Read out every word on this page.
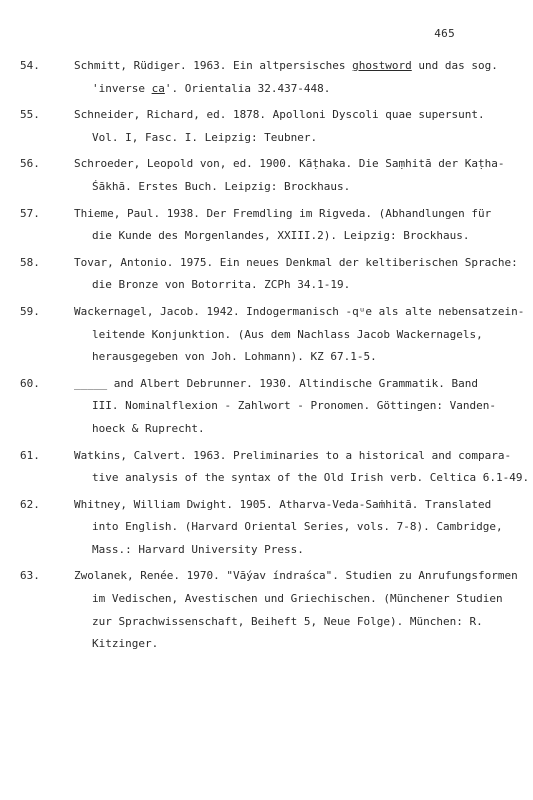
465
54.	Schmitt, Rüdiger. 1963. Ein altpersisches ghostword und das sog.
'inverse ca'. Orientalia 32.437-448.
55.	Schneider, Richard, ed. 1878. Apolloni Dyscoli quae supersunt.
Vol. I, Fasc. I. Leipzig: Teubner.
56.	Schroeder, Leopold von, ed. 1900. Kāṭhaka. Die Saṃhitā der Kaṭha-
Śākhā. Erstes Buch. Leipzig: Brockhaus.
57.	Thieme, Paul. 1938. Der Fremdling im Rigveda. (Abhandlungen für
die Kunde des Morgenlandes, XXIII.2). Leipzig: Brockhaus.
58.	Tovar, Antonio. 1975. Ein neues Denkmal der keltiberischen Sprache:
die Bronze von Botorrita. ZCPh 34.1-19.
59.	Wackernagel, Jacob. 1942. Indogermanisch -qᵘe als alte nebensatzein-
leitende Konjunktion. (Aus dem Nachlass Jacob Wackernagels,
herausgegeben von Joh. Lohmann). KZ 67.1-5.
60.	_____ and Albert Debrunner. 1930. Altindische Grammatik. Band
III. Nominalflexion - Zahlwort - Pronomen. Göttingen: Vanden-
hoeck & Ruprecht.
61.	Watkins, Calvert. 1963. Preliminaries to a historical and compara-
tive analysis of the syntax of the Old Irish verb. Celtica 6.1-49.
62.	Whitney, William Dwight. 1905. Atharva-Veda-Saṁhitā. Translated
into English. (Harvard Oriental Series, vols. 7-8). Cambridge,
Mass.: Harvard University Press.
63.	Zwolanek, Renée. 1970. "Vā́yav índraśca". Studien zu Anrufungsformen
im Vedischen, Avestischen und Griechischen. (Münchener Studien
zur Sprachwissenschaft, Beiheft 5, Neue Folge). München: R.
Kitzinger.
